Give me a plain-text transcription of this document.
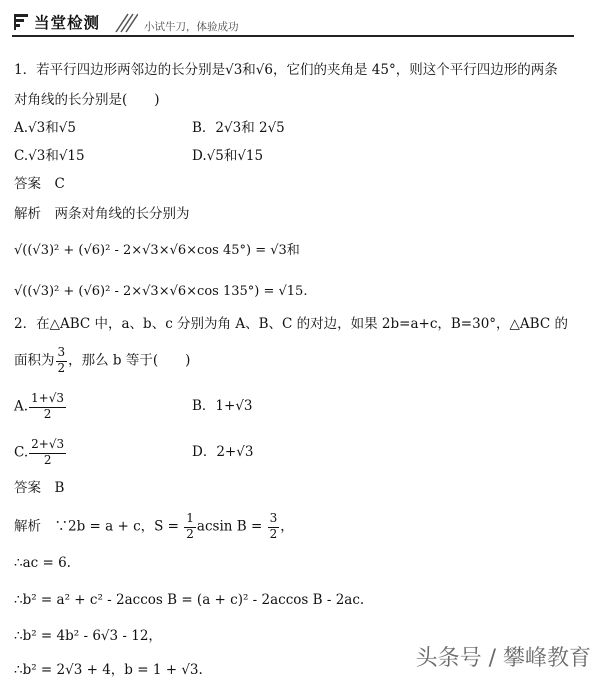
当堂检测	小试牛刀，体验成功
1．若平行四边形两邻边的长分别是√3和√6，它们的夹角是 45°，则这个平行四边形的两条
对角线的长分别是(　　)
A.√3和√5	B．2√3和 2√5
C.√3和√15	D.√5和√15
答案　C
解析　两条对角线的长分别为
√((√3)² + (√6)² - 2×√3×√6×cos 45°) = √3和
√((√3)² + (√6)² - 2×√3×√6×cos 135°) = √15.
2．在△ABC 中，a、b、c 分别为角 A、B、C 的对边，如果 2b=a+c，B=30°，△ABC 的
面积为 $\frac{3}{2}$ ，那么 b 等于(　　)
A. $\frac{1+√3}{2}$	B．1+√3
C. $\frac{2+√3}{2}$	D．2+√3
答案　B
解析　∵2b = a + c，$S = \frac{1}{2}$ acsin $B = \frac{3}{2}$ ，
∴ac = 6.
∴b² = a² + c² - 2accos B = (a + c)² - 2accos B - 2ac.
∴b² = 4b² - 6√3 - 12，
∴b² = 2√3 + 4，b = 1 + √3.	头条号 / 攀峰教育
